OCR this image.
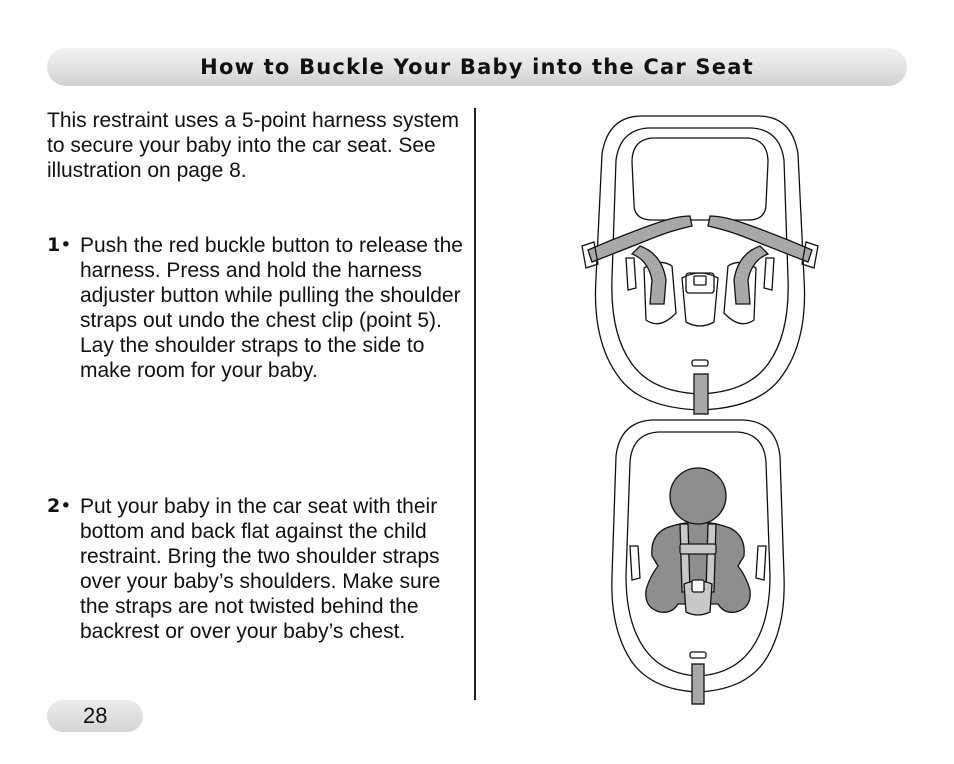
How to Buckle Your Baby into the Car Seat

This restraint uses a 5-point harness system to secure your baby into the car seat. See illustration on page 8.

1• Push the red buckle button to release the harness. Press and hold the harness adjuster button while pulling the shoulder straps out undo the chest clip (point 5). Lay the shoulder straps to the side to make room for your baby.

2• Put your baby in the car seat with their bottom and back flat against the child restraint. Bring the two shoulder straps over your baby’s shoulders. Make sure the straps are not twisted behind the backrest or over your baby’s chest.

28
